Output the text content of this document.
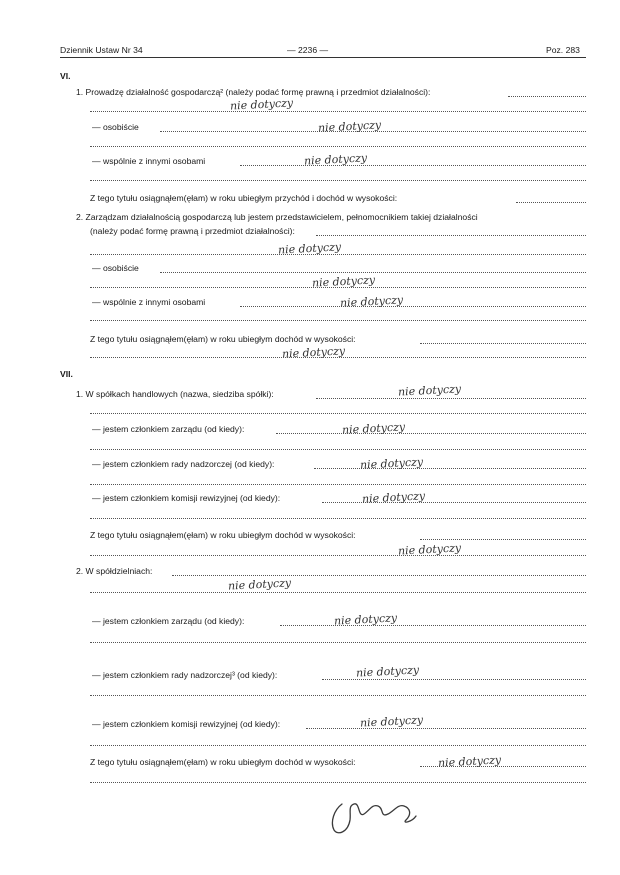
Dziennik Ustaw Nr 34	— 2236 —	Poz. 283
VI.
1. Prowadzę działalność gospodarczą² (należy podać formę prawną i przedmiot działalności):
nie dotyczy
— osobiście	nie dotyczy
— wspólnie z innymi osobami	nie dotyczy
Z tego tytułu osiągnąłem(ęłam) w roku ubiegłym przychód i dochód w wysokości:
2. Zarządzam działalnością gospodarczą lub jestem przedstawicielem, pełnomocnikiem takiej działalności
(należy podać formę prawną i przedmiot działalności):
nie dotyczy
— osobiście
nie dotyczy
— wspólnie z innymi osobami	nie dotyczy
Z tego tytułu osiągnąłem(ęłam) w roku ubiegłym dochód w wysokości:
nie dotyczy
VII.
1. W spółkach handlowych (nazwa, siedziba spółki):	nie dotyczy
— jestem członkiem zarządu (od kiedy):	nie dotyczy
— jestem członkiem rady nadzorczej (od kiedy):	nie dotyczy
— jestem członkiem komisji rewizyjnej (od kiedy):	nie dotyczy
Z tego tytułu osiągnąłem(ęłam) w roku ubiegłym dochód w wysokości:
nie dotyczy
2. W spółdzielniach:
nie dotyczy
— jestem członkiem zarządu (od kiedy):	nie dotyczy
— jestem członkiem rady nadzorczej³ (od kiedy):	nie dotyczy
— jestem członkiem komisji rewizyjnej (od kiedy):	nie dotyczy
Z tego tytułu osiągnąłem(ęłam) w roku ubiegłym dochód w wysokości:	nie dotyczy
